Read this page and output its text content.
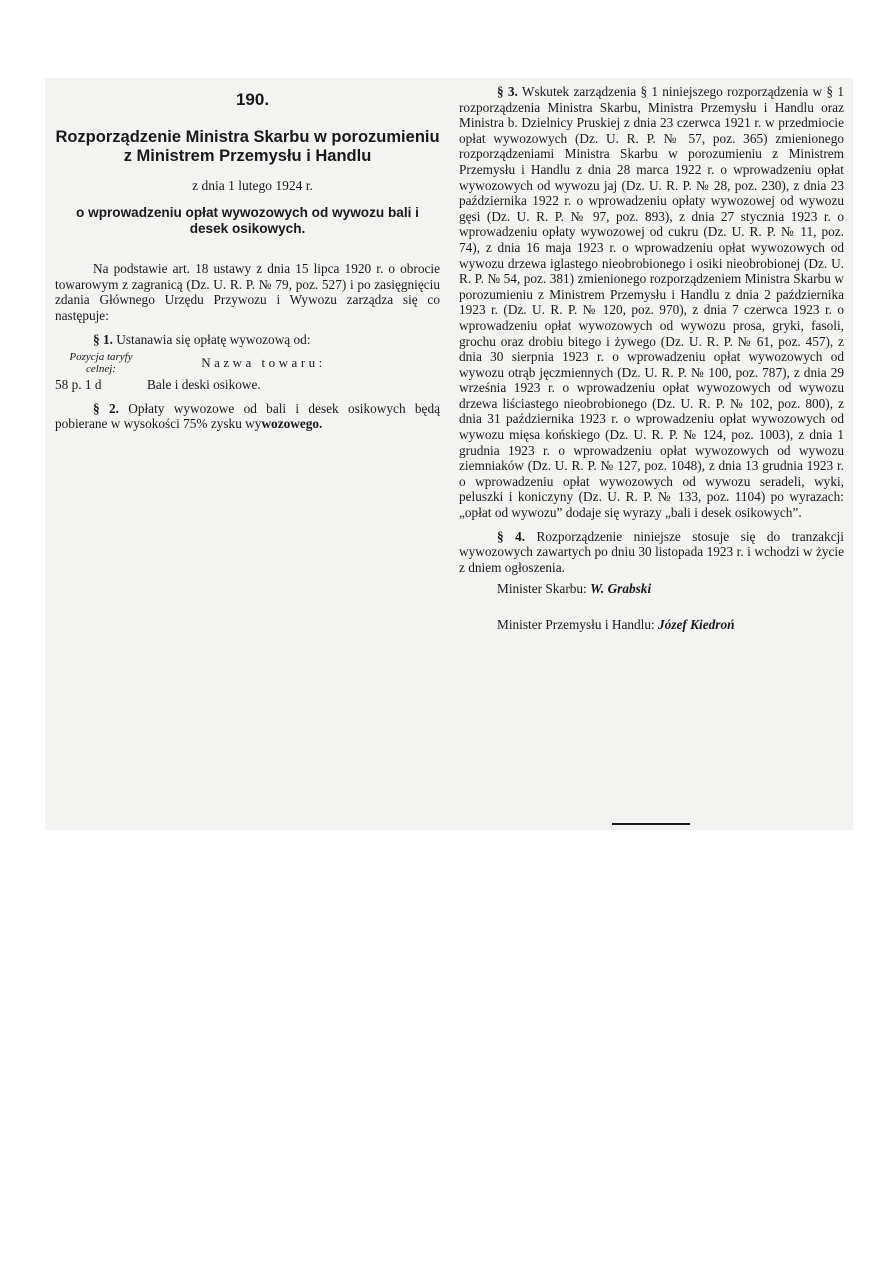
190.
Rozporządzenie Ministra Skarbu w porozumieniu z Ministrem Przemysłu i Handlu
z dnia 1 lutego 1924 r.
o wprowadzeniu opłat wywozowych od wywozu bali i desek osikowych.

Na podstawie art. 18 ustawy z dnia 15 lipca 1920 r. o obrocie towarowym z zagranicą (Dz. U. R. P. № 79, poz. 527) i po zasięgnięciu zdania Głównego Urzędu Przywozu i Wywozu zarządza się co następuje:

§ 1. Ustanawia się opłatę wywozową od:

Pozycja taryfy celnej:	Nazwa towaru:
58 p. 1 d	Bale i deski osikowe.

§ 2. Opłaty wywozowe od bali i desek osikowych będą pobierane w wysokości 75% zysku wywozowego.

§ 3. Wskutek zarządzenia § 1 niniejszego rozporządzenia w § 1 rozporządzenia Ministra Skarbu, Ministra Przemysłu i Handlu oraz Ministra b. Dzielnicy Pruskiej z dnia 23 czerwca 1921 r. w przedmiocie opłat wywozowych (Dz. U. R. P. № 57, poz. 365) zmienionego rozporządzeniami Ministra Skarbu w porozumieniu z Ministrem Przemysłu i Handlu z dnia 28 marca 1922 r. o wprowadzeniu opłat wywozowych od wywozu jaj (Dz. U. R. P. № 28, poz. 230), z dnia 23 października 1922 r. o wprowadzeniu opłaty wywozowej od wywozu gęsi (Dz. U. R. P. № 97, poz. 893), z dnia 27 stycznia 1923 r. o wprowadzeniu opłaty wywozowej od cukru (Dz. U. R. P. № 11, poz. 74), z dnia 16 maja 1923 r. o wprowadzeniu opłat wywozowych od wywozu drzewa iglastego nieobrobionego i osiki nieobrobionej (Dz. U. R. P. № 54, poz. 381) zmienionego rozporządzeniem Ministra Skarbu w porozumieniu z Ministrem Przemysłu i Handlu z dnia 2 października 1923 r. (Dz. U. R. P. № 120, poz. 970), z dnia 7 czerwca 1923 r. o wprowadzeniu opłat wywozowych od wywozu prosa, gryki, fasoli, grochu oraz drobiu bitego i żywego (Dz. U. R. P. № 61, poz. 457), z dnia 30 sierpnia 1923 r. o wprowadzeniu opłat wywozowych od wywozu otrąb jęczmiennych (Dz. U. R. P. № 100, poz. 787), z dnia 29 września 1923 r. o wprowadzeniu opłat wywozowych od wywozu drzewa liściastego nieobrobionego (Dz. U. R. P. № 102, poz. 800), z dnia 31 października 1923 r. o wprowadzeniu opłat wywozowych od wywozu mięsa końskiego (Dz. U. R. P. № 124, poz. 1003), z dnia 1 grudnia 1923 r. o wprowadzeniu opłat wywozowych od wywozu ziemniaków (Dz. U. R. P. № 127, poz. 1048), z dnia 13 grudnia 1923 r. o wprowadzeniu opłat wywozowych od wywozu seradeli, wyki, peluszki i koniczyny (Dz. U. R. P. № 133, poz. 1104) po wyrazach: „opłat od wywozu” dodaje się wyrazy „bali i desek osikowych”.

§ 4. Rozporządzenie niniejsze stosuje się do tranzakcji wywozowych zawartych po dniu 30 listopada 1923 r. i wchodzi w życie z dniem ogłoszenia.

Minister Skarbu: W. Grabski

Minister Przemysłu i Handlu: Józef Kiedroń
